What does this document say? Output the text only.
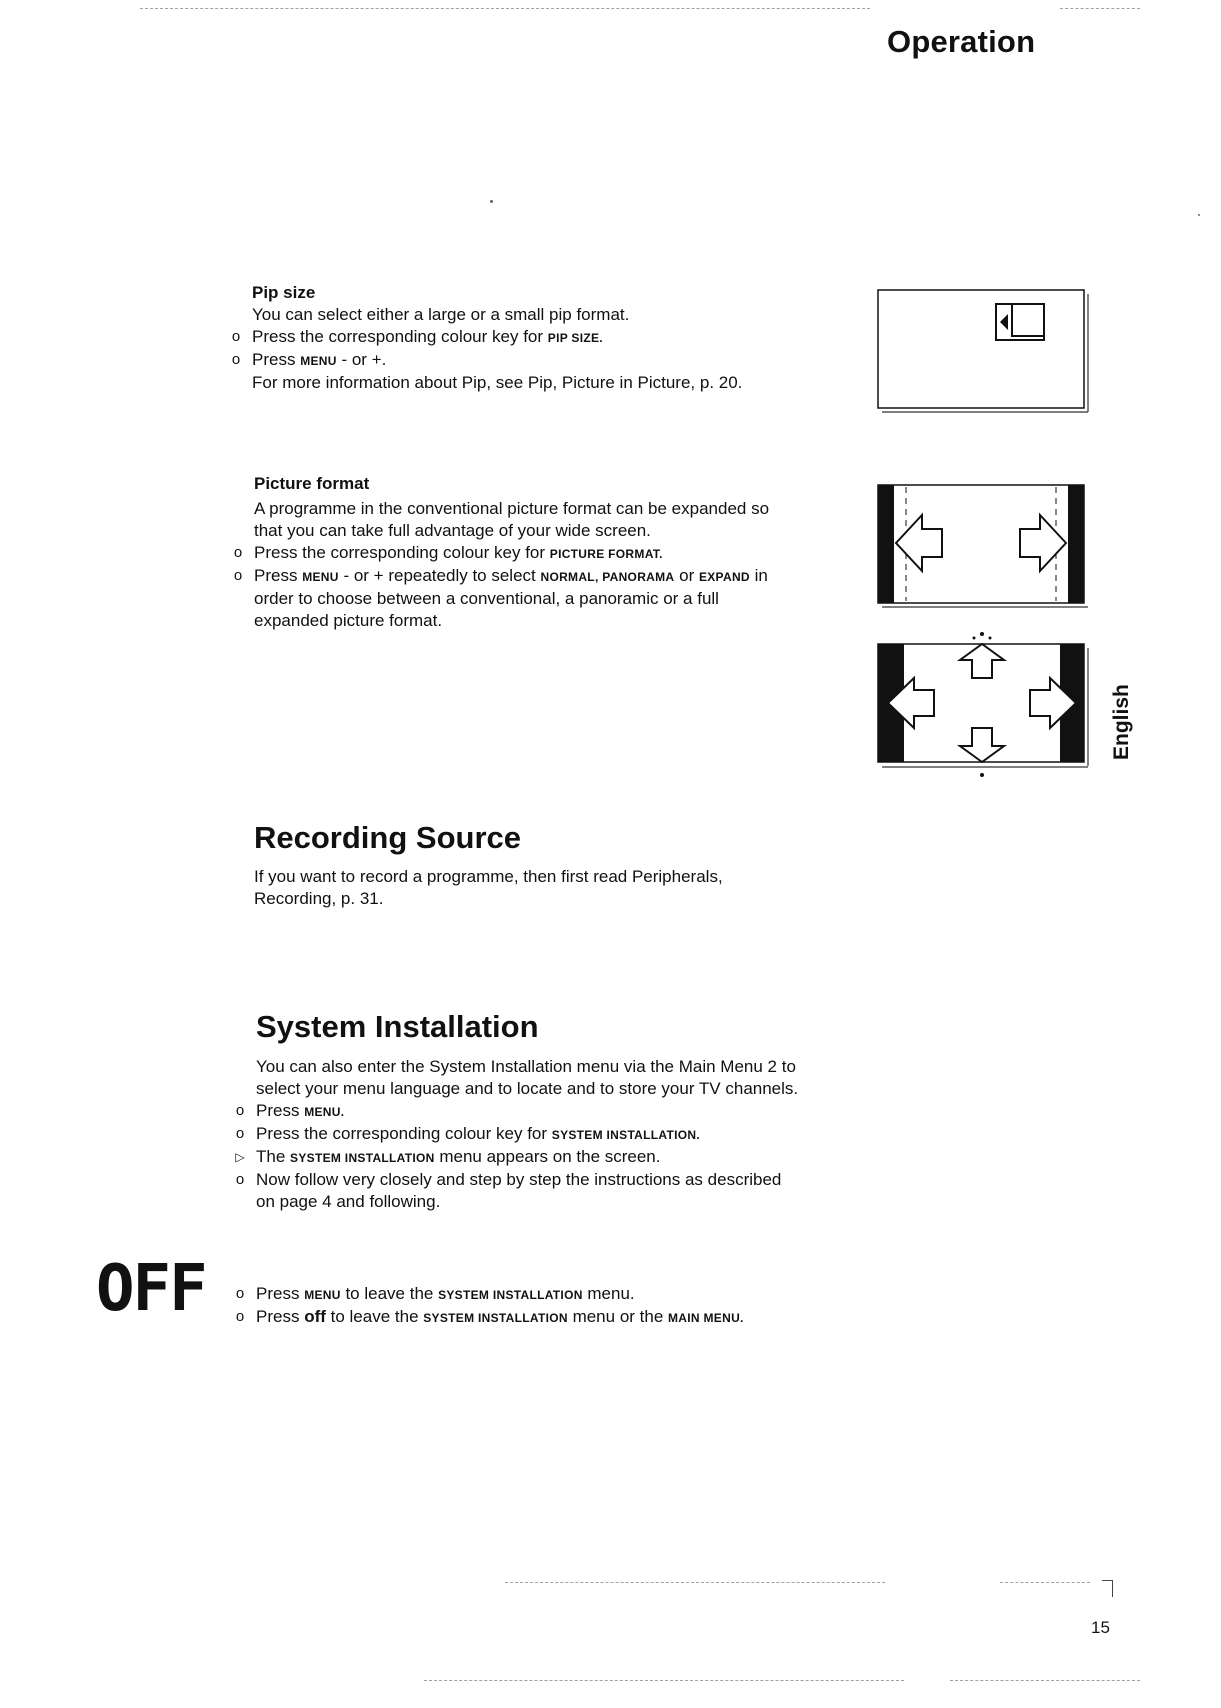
Operation
Pip size
You can select either a large or a small pip format.
o Press the corresponding colour key for PIP SIZE.
o Press MENU - or +.
For more information about Pip, see Pip, Picture in Picture, p. 20.
Picture format
A programme in the conventional picture format can be expanded so
that you can take full advantage of your wide screen.
o Press the corresponding colour key for PICTURE FORMAT.
o Press MENU - or + repeatedly to select NORMAL, PANORAMA or EXPAND in
order to choose between a conventional, a panoramic or a full
expanded picture format.
English
Recording Source
If you want to record a programme, then first read Peripherals,
Recording, p. 31.
System Installation
You can also enter the System Installation menu via the Main Menu 2 to
select your menu language and to locate and to store your TV channels.
o Press MENU.
o Press the corresponding colour key for SYSTEM INSTALLATION.
▷ The SYSTEM INSTALLATION menu appears on the screen.
o Now follow very closely and step by step the instructions as described
on page 4 and following.
OFF o Press MENU to leave the SYSTEM INSTALLATION menu.
o Press off to leave the SYSTEM INSTALLATION menu or the MAIN MENU.
15
